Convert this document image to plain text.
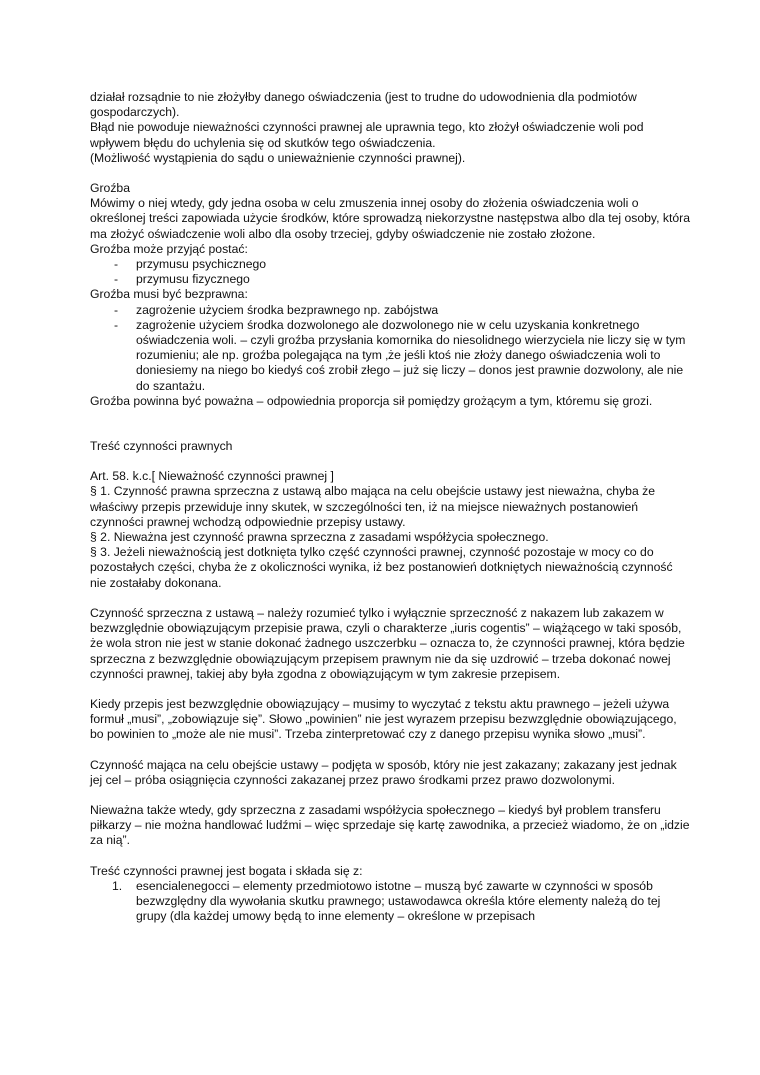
działał rozsądnie to nie złożyłby danego oświadczenia (jest to trudne do udowodnienia dla podmiotów gospodarczych).

Błąd nie powoduje nieważności czynności prawnej ale uprawnia tego, kto złożył oświadczenie woli pod wpływem błędu do uchylenia się od skutków tego oświadczenia.

(Możliwość wystąpienia do sądu o unieważnienie czynności prawnej).

Groźba

Mówimy o niej wtedy, gdy jedna osoba w celu zmuszenia innej osoby do złożenia oświadczenia woli o określonej treści zapowiada użycie środków, które sprowadzą niekorzystne następstwa albo dla tej osoby, która ma złożyć oświadczenie woli albo dla osoby trzeciej, gdyby oświadczenie nie zostało złożone.

Groźba może przyjąć postać:

- przymusu psychicznego
- przymusu fizycznego

Groźba musi być bezprawna:

- zagrożenie użyciem środka bezprawnego np. zabójstwa
- zagrożenie użyciem środka dozwolonego ale dozwolonego nie w celu uzyskania konkretnego oświadczenia woli. – czyli groźba przysłania komornika do niesolidnego wierzyciela nie liczy się w tym rozumieniu; ale np. groźba polegająca na tym ‚że jeśli ktoś nie złoży danego oświadczenia woli to doniesiemy na niego bo kiedyś coś zrobił złego – już się liczy – donos jest prawnie dozwolony, ale nie do szantażu.

Groźba powinna być poważna – odpowiednia proporcja sił pomiędzy grożącym a tym, któremu się grozi.

Treść czynności prawnych

Art. 58. k.c.[ Nieważność czynności prawnej ]

§ 1. Czynność prawna sprzeczna z ustawą albo mająca na celu obejście ustawy jest nieważna, chyba że właściwy przepis przewiduje inny skutek, w szczególności ten, iż na miejsce nieważnych postanowień czynności prawnej wchodzą odpowiednie przepisy ustawy.

§ 2. Nieważna jest czynność prawna sprzeczna z zasadami współżycia społecznego.

§ 3. Jeżeli nieważnością jest dotknięta tylko część czynności prawnej, czynność pozostaje w mocy co do pozostałych części, chyba że z okoliczności wynika, iż bez postanowień dotkniętych nieważnością czynność nie zostałaby dokonana.

Czynność sprzeczna z ustawą – należy rozumieć tylko i wyłącznie sprzeczność z nakazem lub zakazem w bezwzględnie obowiązującym przepisie prawa, czyli o charakterze „iuris cogentis” – wiążącego w taki sposób, że wola stron nie jest w stanie dokonać żadnego uszczerbku – oznacza to, że czynności prawnej, która będzie sprzeczna z bezwzględnie obowiązującym przepisem prawnym nie da się uzdrowić – trzeba dokonać nowej czynności prawnej, takiej aby była zgodna z obowiązującym w tym zakresie przepisem.

Kiedy przepis jest bezwzględnie obowiązujący – musimy to wyczytać z tekstu aktu prawnego – jeżeli używa formuł „musi”, „zobowiązuje się”. Słowo „powinien” nie jest wyrazem przepisu bezwzględnie obowiązującego, bo powinien to „może ale nie musi”. Trzeba zinterpretować czy z danego przepisu wynika słowo „musi”.

Czynność mająca na celu obejście ustawy – podjęta w sposób, który nie jest zakazany; zakazany jest jednak jej cel – próba osiągnięcia czynności zakazanej przez prawo środkami przez prawo dozwolonymi.

Nieważna także wtedy, gdy sprzeczna z zasadami współżycia społecznego – kiedyś był problem transferu piłkarzy – nie można handlować ludźmi – więc sprzedaje się kartę zawodnika, a przecież wiadomo, że on „idzie za nią”.

Treść czynności prawnej jest bogata i składa się z:

1. esencialenegocci – elementy przedmiotowo istotne – muszą być zawarte w czynności w sposób bezwzględny dla wywołania skutku prawnego; ustawodawca określa które elementy należą do tej grupy (dla każdej umowy będą to inne elementy – określone w przepisach
